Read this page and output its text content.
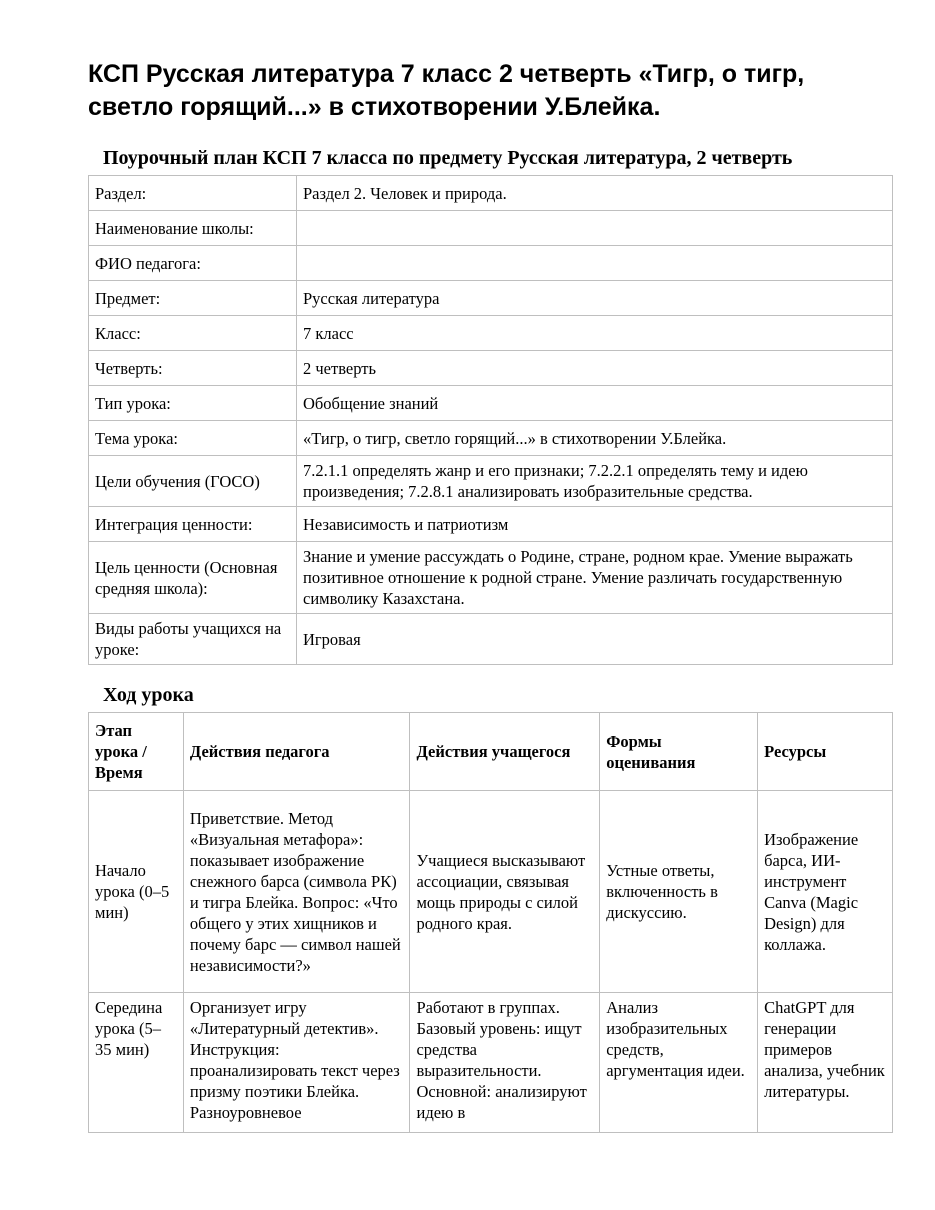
КСП Русская литература 7 класс 2 четверть «Тигр, о тигр, светло горящий...» в стихотворении У.Блейка.
Поурочный план КСП 7 класса по предмету Русская литература, 2 четверть
Раздел:	Раздел 2. Человек и природа.
Наименование школы:	
ФИО педагога:	
Предмет:	Русская литература
Класс:	7 класс
Четверть:	2 четверть
Тип урока:	Обобщение знаний
Тема урока:	«Тигр, о тигр, светло горящий...» в стихотворении У.Блейка.
Цели обучения (ГОСО)	7.2.1.1 определять жанр и его признаки; 7.2.2.1 определять тему и идею произведения; 7.2.8.1 анализировать изобразительные средства.
Интеграция ценности:	Независимость и патриотизм
Цель ценности (Основная средняя школа):	Знание и умение рассуждать о Родине, стране, родном крае. Умение выражать позитивное отношение к родной стране. Умение различать государственную символику Казахстана.
Виды работы учащихся на уроке:	Игровая
Ход урока
Этап урока / Время	Действия педагога	Действия учащегося	Формы оценивания	Ресурсы
Начало урока (0–5 мин)	Приветствие. Метод «Визуальная метафора»: показывает изображение снежного барса (символа РК) и тигра Блейка. Вопрос: «Что общего у этих хищников и почему барс — символ нашей независимости?»	Учащиеся высказывают ассоциации, связывая мощь природы с силой родного края.	Устные ответы, включенность в дискуссию.	Изображение барса, ИИ-инструмент Canva (Magic Design) для коллажа.
Середина урока (5–35 мин)	Организует игру «Литературный детектив». Инструкция: проанализировать текст через призму поэтики Блейка. Разноуровневое	Работают в группах. Базовый уровень: ищут средства выразительности. Основной: анализируют идею в	Анализ изобразительных средств, аргументация идеи.	ChatGPT для генерации примеров анализа, учебник литературы.
